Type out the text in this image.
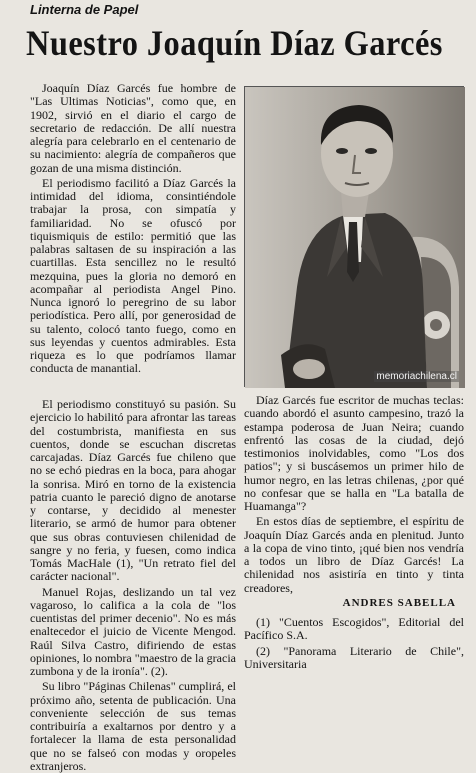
Linterna de Papel
Nuestro Joaquín Díaz Garcés

Joaquín Díaz Garcés fue hombre de "Las Ultimas Noticias", como que, en 1902, sirvió en el diario el cargo de secretario de redacción. De allí nuestra alegría para celebrarlo en el centenario de su nacimiento: alegría de compañeros que gozan de una misma distinción.

El periodismo facilitó a Díaz Garcés la intimidad del idioma, consintiéndole trabajar la prosa, con simpatía y familiaridad. No se ofuscó por tiquismiquis de estilo: permitió que las palabras saltasen de su inspiración a las cuartillas. Esta sencillez no le resultó mezquina, pues la gloria no demoró en acompañar al periodista Angel Pino. Nunca ignoró lo peregrino de su labor periodística. Pero allí, por generosidad de su talento, colocó tanto fuego, como en sus leyendas y cuentos admirables. Esta riqueza es lo que podríamos llamar conducta de manantial.

memoriachilena.cl

El periodismo constituyó su pasión. Su ejercicio lo habilitó para afrontar las tareas del costumbrista, manifiesta en sus cuentos, donde se escuchan discretas carcajadas. Díaz Garcés fue chileno que no se echó piedras en la boca, para ahogar la sonrisa. Miró en torno de la existencia patria cuanto le pareció digno de anotarse y contarse, y decidido al menester literario, se armó de humor para obtener que sus obras contuviesen chilenidad de sangre y no feria, y fuesen, como indica Tomás MacHale (1), "Un retrato fiel del carácter nacional".

Manuel Rojas, deslizando un tal vez vagaroso, lo califica a la cola de "los cuentistas del primer decenio". No es más enaltecedor el juicio de Vicente Mengod. Raúl Silva Castro, difiriendo de estas opiniones, lo nombra "maestro de la gracia zumbona y de la ironía". (2).

Su libro "Páginas Chilenas" cumplirá, el próximo año, setenta de publicación. Una conveniente selección de sus temas contribuiría a exaltarnos por dentro y a fortalecer la llama de esta personalidad que no se falseó con modas y oropeles extranjeros.

Díaz Garcés fue escritor de muchas teclas: cuando abordó el asunto campesino, trazó la estampa poderosa de Juan Neira; cuando enfrentó las cosas de la ciudad, dejó testimonios inolvidables, como "Los dos patios"; y si buscásemos un primer hilo de humor negro, en las letras chilenas, ¿por qué no confesar que se halla en "La batalla de Huamanga"?

En estos días de septiembre, el espíritu de Joaquín Díaz Garcés anda en plenitud. Junto a la copa de vino tinto, ¡qué bien nos vendría a todos un libro de Díaz Garcés! La chilenidad nos asistiría en tinto y tinta creadores,

ANDRES SABELLA

(1) "Cuentos Escogidos", Editorial del Pacífico S.A.

(2) "Panorama Literario de Chile", Universitaria
